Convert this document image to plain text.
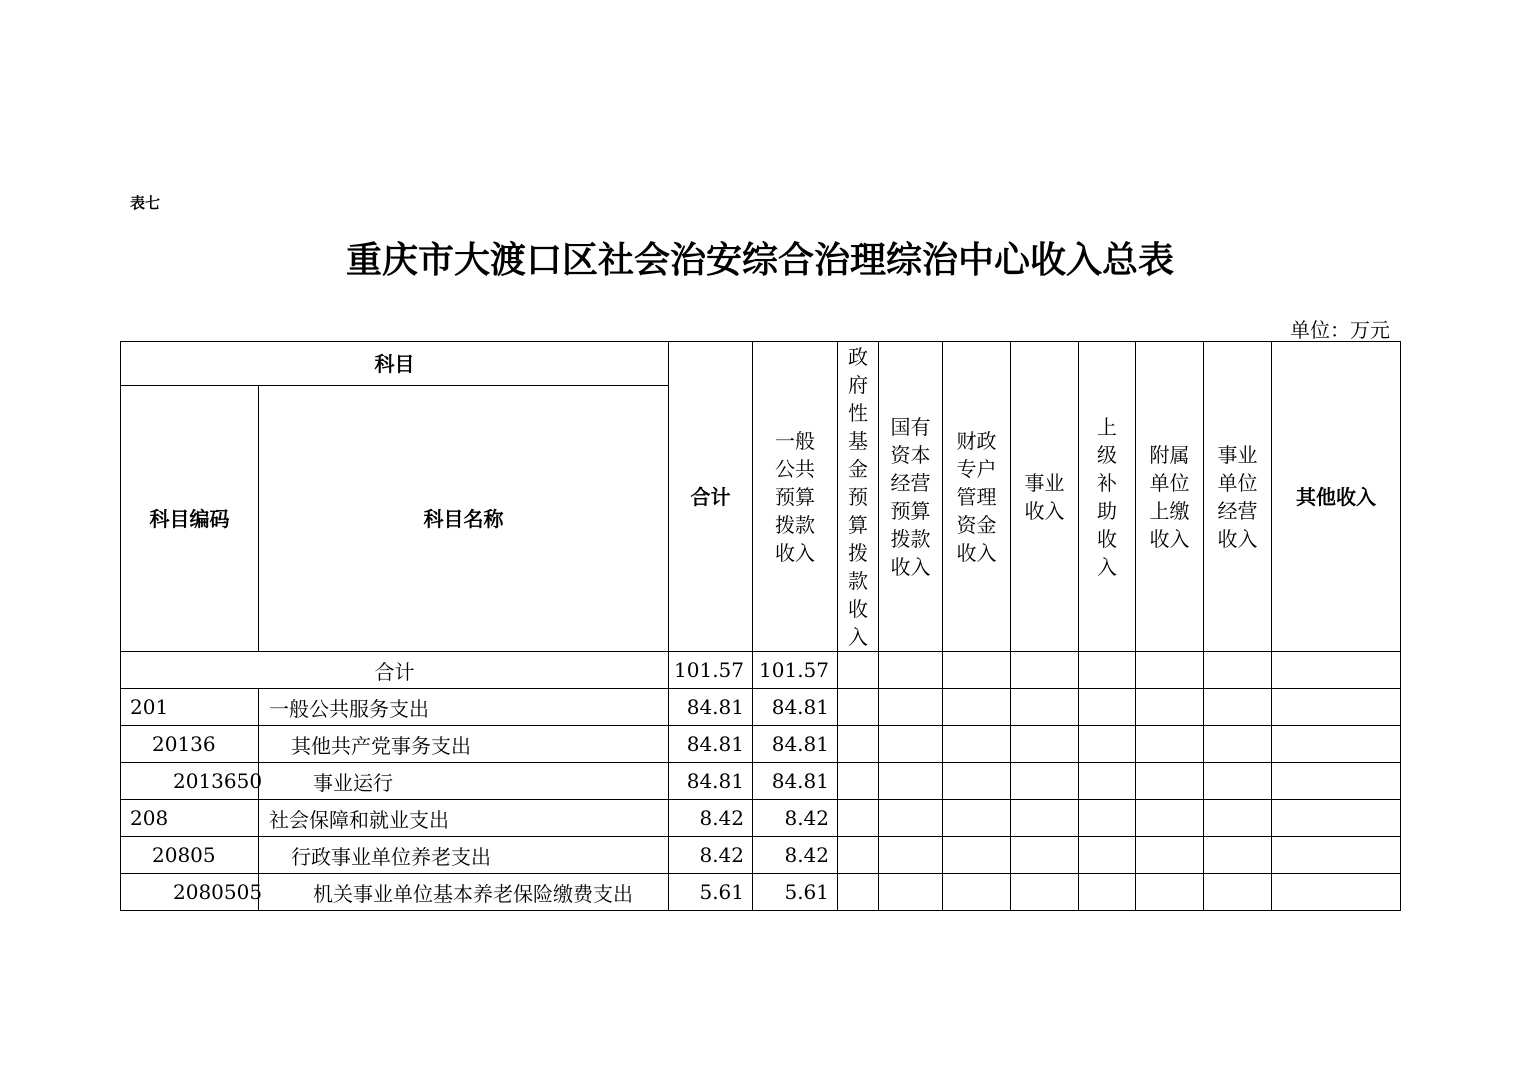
表七
重庆市大渡口区社会治安综合治理综治中心收入总表
单位：万元
科目		合计	一般公共预算拨款收入	政府性基金预算拨款收入	国有资本经营预算拨款收入	财政专户管理资金收入	事业收入	上级补助收入	附属单位上缴收入	事业单位经营收入	其他收入
科目编码	科目名称										
合计		101.57	101.57								
201	一般公共服务支出	84.81	84.81								
20136	其他共产党事务支出	84.81	84.81								
2013650	事业运行	84.81	84.81								
208	社会保障和就业支出	8.42	8.42								
20805	行政事业单位养老支出	8.42	8.42								
2080505	机关事业单位基本养老保险缴费支出	5.61	5.61								
